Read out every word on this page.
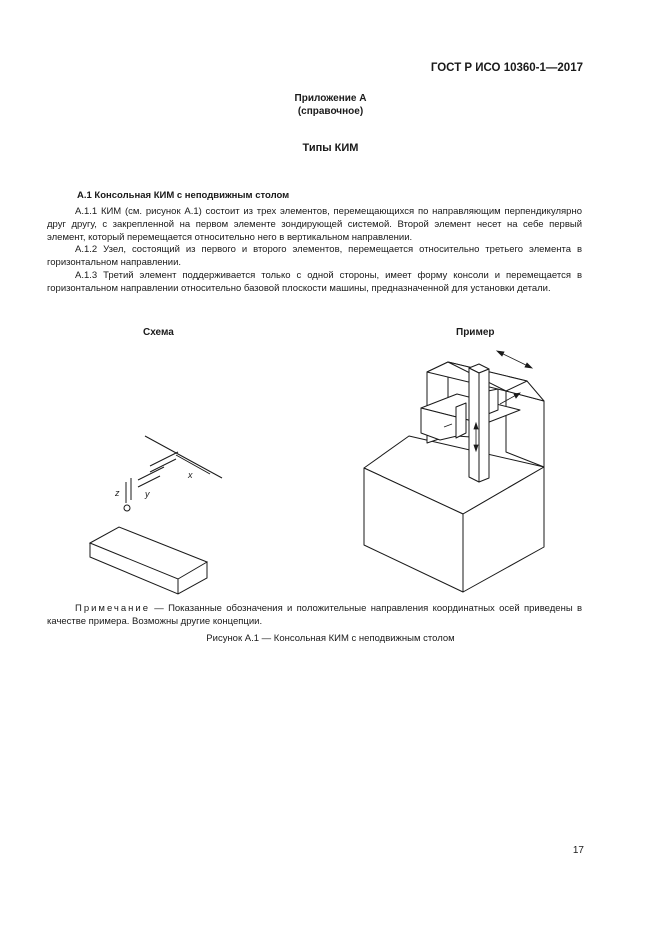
ГОСТ Р ИСО 10360-1—2017
Приложение А
(справочное)
Типы КИМ
А.1 Консольная КИМ с неподвижным столом
А.1.1 КИМ (см. рисунок А.1) состоит из трех элементов, перемещающихся по направляющим перпендикулярно друг другу, с закрепленной на первом элементе зондирующей системой. Второй элемент несет на себе первый элемент, который перемещается относительно него в вертикальном направлении.
А.1.2 Узел, состоящий из первого и второго элементов, перемещается относительно третьего элемента в горизонтальном направлении.
А.1.3 Третий элемент поддерживается только с одной стороны, имеет форму консоли и перемещается в горизонтальном направлении относительно базовой плоскости машины, предназначенной для установки детали.
Схема	Пример
x
y
z
Примечание — Показанные обозначения и положительные направления координатных осей приведены в качестве примера. Возможны другие концепции.
Рисунок А.1 — Консольная КИМ с неподвижным столом
17
